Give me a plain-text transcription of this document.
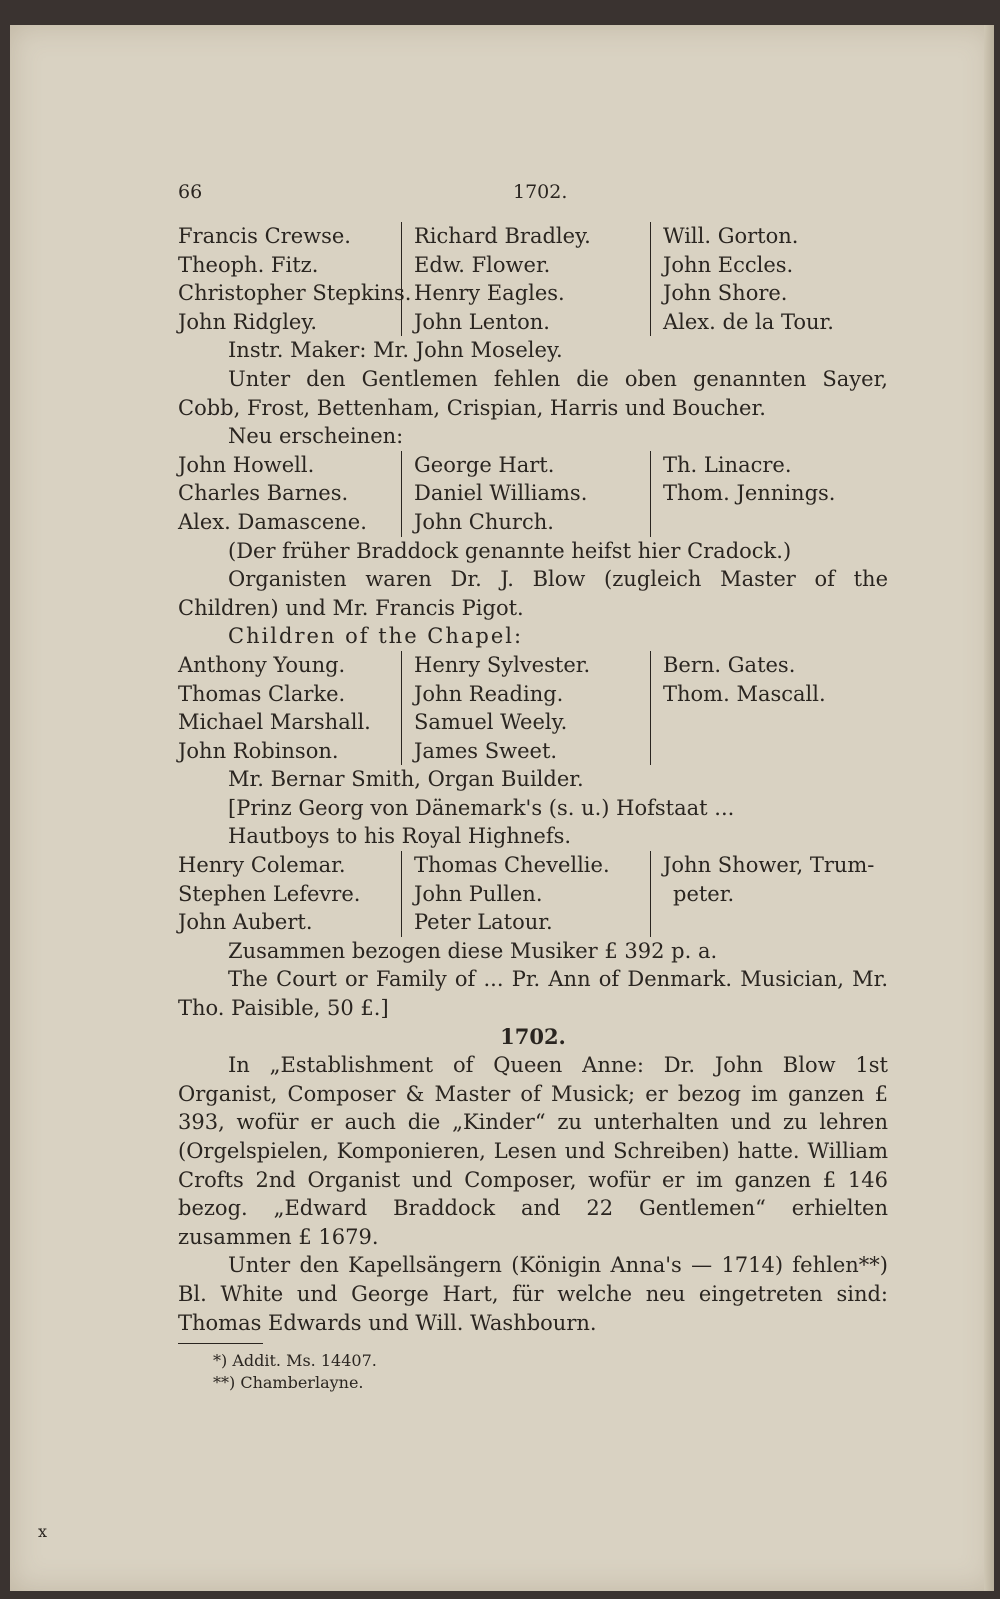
66	1702.
Francis Crewse.
Theoph. Fitz.
Christopher Stepkins.
John Ridgley.
Richard Bradley.
Edw. Flower.
Henry Eagles.
John Lenton.
Will. Gorton.
John Eccles.
John Shore.
Alex. de la Tour.
Instr. Maker: Mr. John Moseley.

Unter den Gentlemen fehlen die oben genannten Sayer, Cobb, Frost, Bettenham, Crispian, Harris und Boucher.

Neu erscheinen:
John Howell.
Charles Barnes.
Alex. Damascene.
George Hart.
Daniel Williams.
John Church.
Th. Linacre.
Thom. Jennings.

(Der früher Braddock genannte heifst hier Cradock.)

Organisten waren Dr. J. Blow (zugleich Master of the Children) und Mr. Francis Pigot.

Children of the Chapel:
Anthony Young.
Thomas Clarke.
Michael Marshall.
John Robinson.
Henry Sylvester.
John Reading.
Samuel Weely.
James Sweet.
Bern. Gates.
Thom. Mascall.

Mr. Bernar Smith, Organ Builder.
[Prinz Georg von Dänemark's (s. u.) Hofstaat ...
Hautboys to his Royal Highnefs.
Henry Colemar.
Stephen Lefevre.
John Aubert.
Thomas Chevellie.
John Pullen.
Peter Latour.
John Shower, Trum-
peter.

Zusammen bezogen diese Musiker £ 392 p. a.

The Court or Family of ... Pr. Ann of Denmark. Musician, Mr. Tho. Paisible, 50 £.]

1702.

In „Establishment of Queen Anne: Dr. John Blow 1st Organist, Composer & Master of Musick; er bezog im ganzen £ 393, wofür er auch die „Kinder“ zu unterhalten und zu lehren (Orgelspielen, Komponieren, Lesen und Schreiben) hatte. William Crofts 2nd Organist und Composer, wofür er im ganzen £ 146 bezog. „Edward Braddock and 22 Gentlemen“ erhielten zusammen £ 1679.

Unter den Kapellsängern (Königin Anna's — 1714) fehlen**) Bl. White und George Hart, für welche neu eingetreten sind: Thomas Edwards und Will. Washbourn.

*) Addit. Ms. 14407.
**) Chamberlayne.
x
